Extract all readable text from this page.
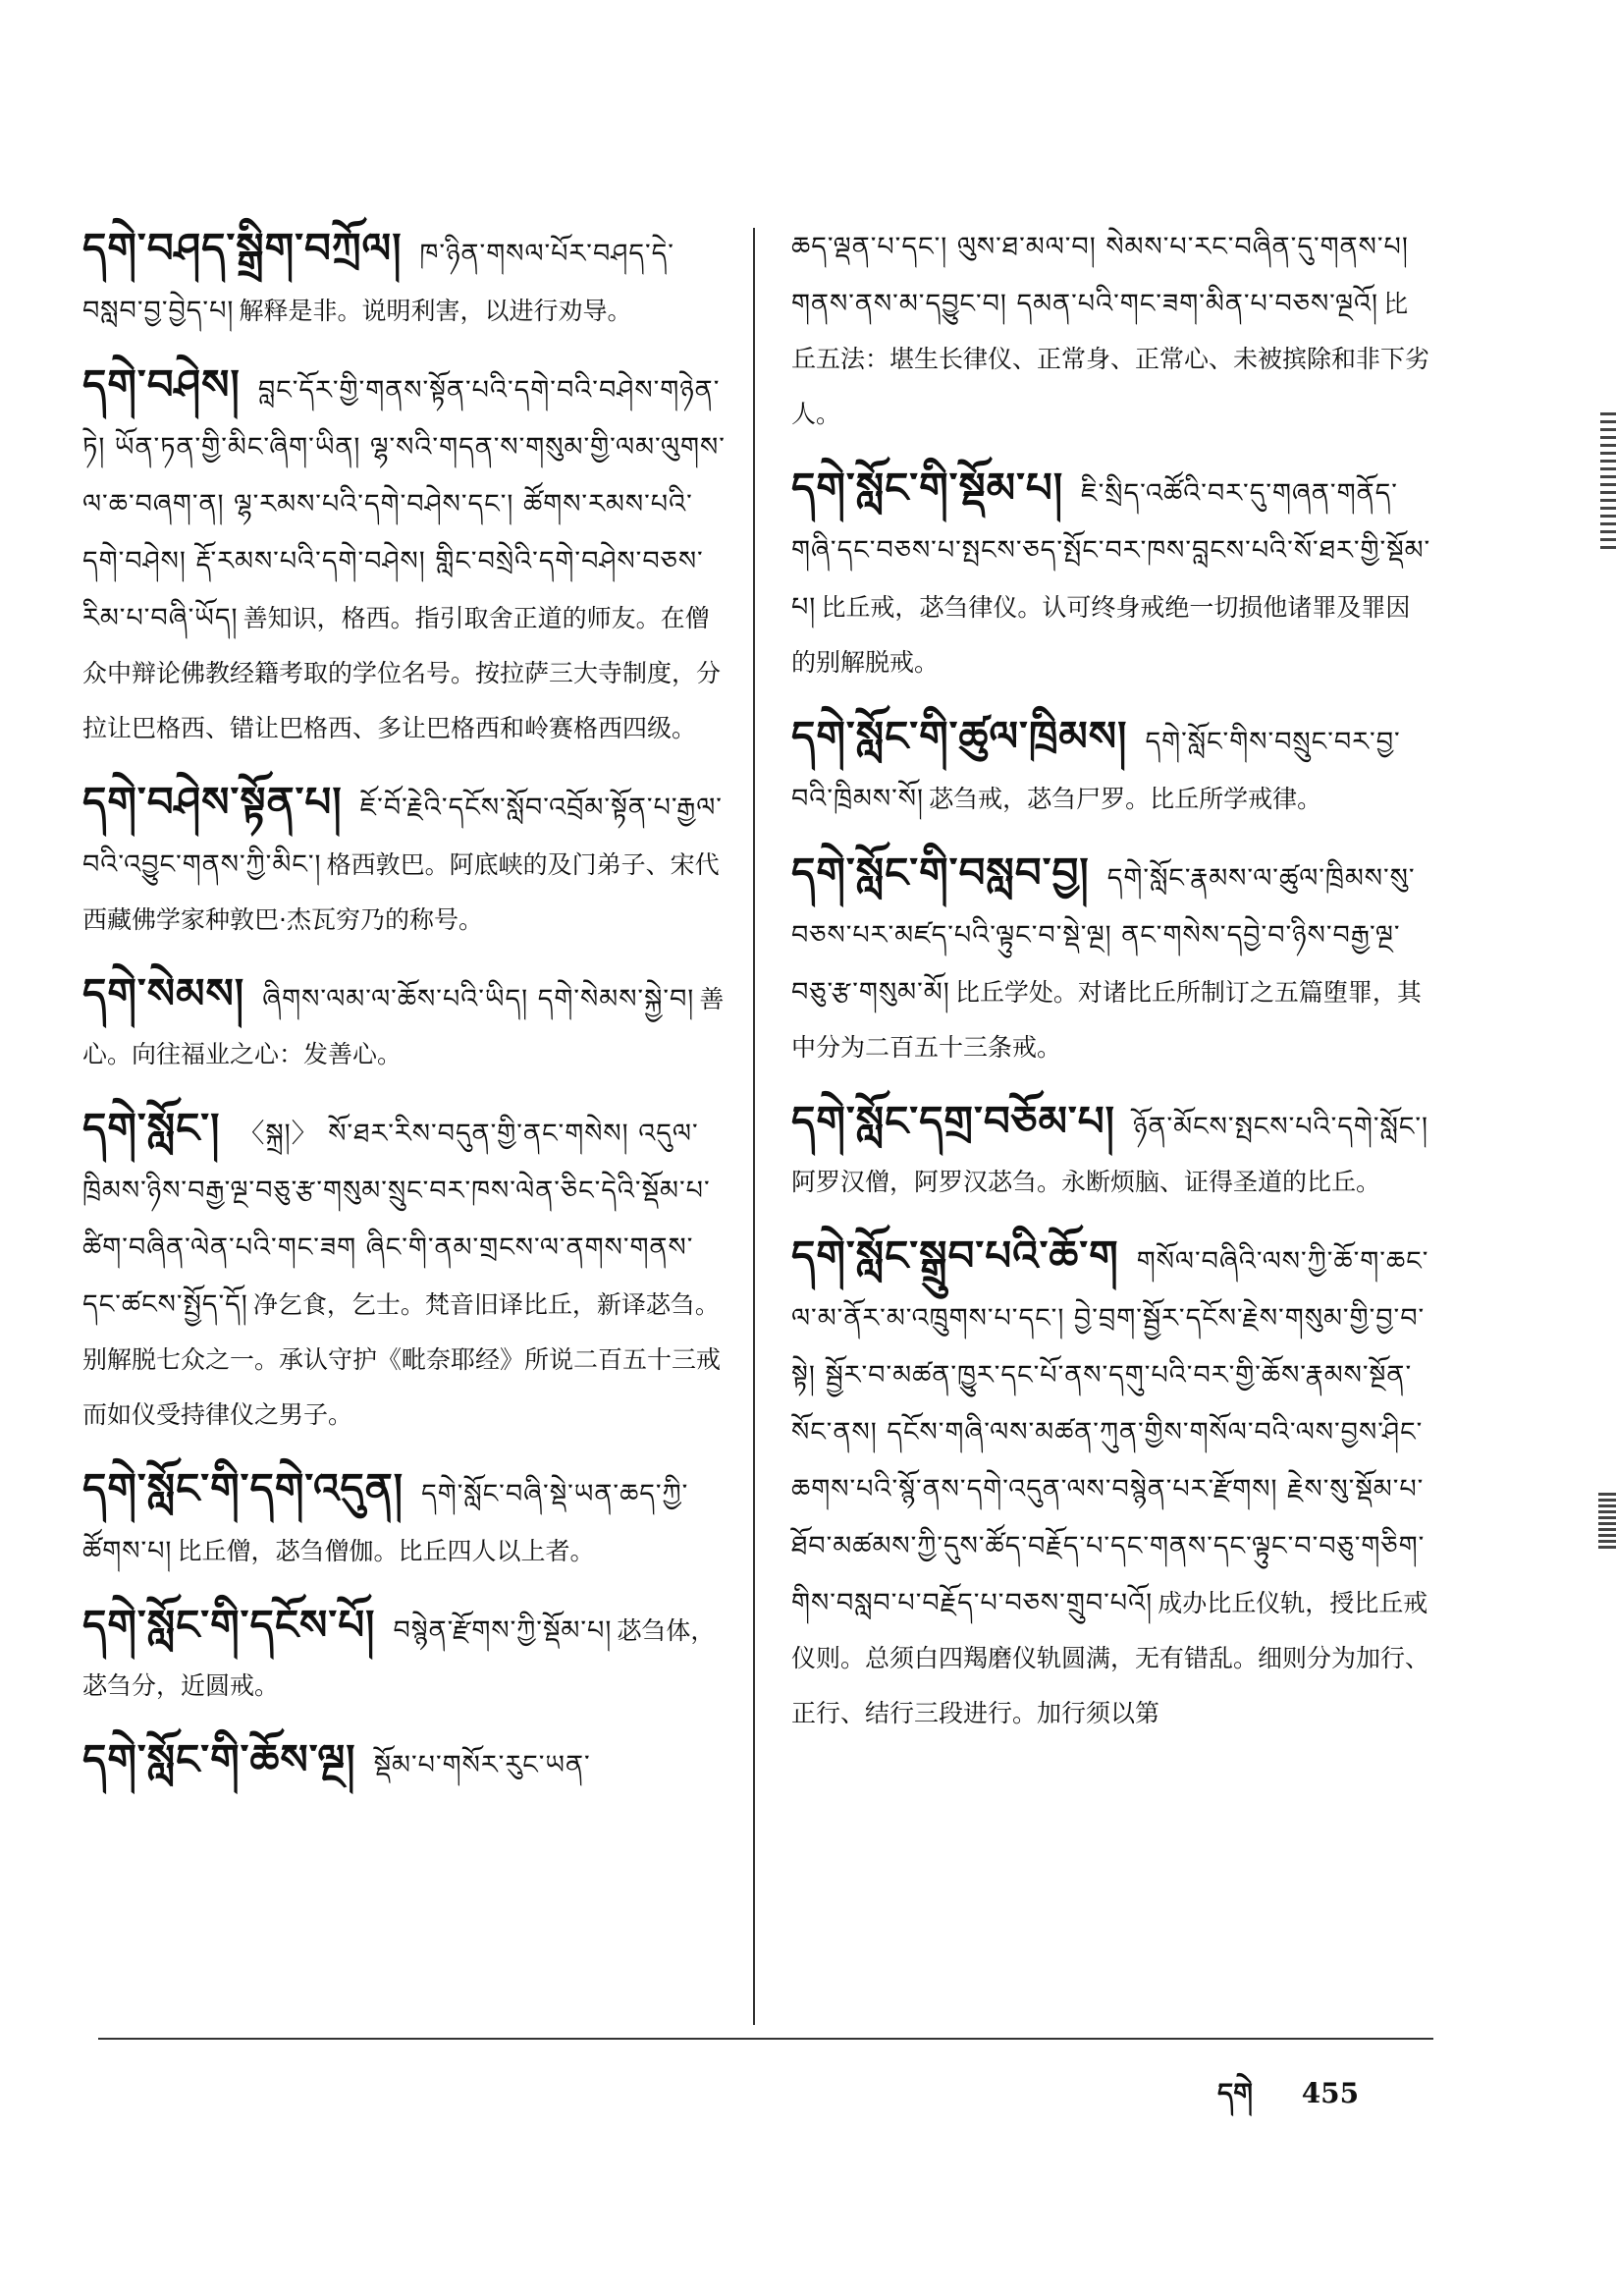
དགེ་བཤད་སྒྲིག་བཀྲོལ། ཁ་ཉིན་གསལ་པོར་བཤད་དེ་བསླབ་བྱ་བྱེད་པ། 解释是非。说明利害，以进行劝导。

དགེ་བཤེས། བླང་དོར་གྱི་གནས་སྟོན་པའི་དགེ་བའི་བཤེས་གཉེན་ཏེ། ཡོན་ཏན་གྱི་མིང་ཞིག་ཡིན། ལྷ་སའི་གདན་ས་གསུམ་གྱི་ལམ་ལུགས་ལ་ཆ་བཞག་ན། ལྷ་རམས་པའི་དགེ་བཤེས་དང་། ཚོགས་རམས་པའི་དགེ་བཤེས། རྡོ་རམས་པའི་དགེ་བཤེས། གླིང་བསྲེའི་དགེ་བཤེས་བཅས་རིམ་པ་བཞི་ཡོད། 善知识，格西。指引取舍正道的师友。在僧众中辩论佛教经籍考取的学位名号。按拉萨三大寺制度，分拉让巴格西、错让巴格西、多让巴格西和岭赛格西四级。

དགེ་བཤེས་སྟོན་པ། ཇོ་བོ་རྗེའི་དངོས་སློབ་འབྲོམ་སྟོན་པ་རྒྱལ་བའི་འབྱུང་གནས་ཀྱི་མིང་། 格西敦巴。阿底峡的及门弟子、宋代西藏佛学家种敦巴·杰瓦穷乃的称号。

དགེ་སེམས། ཞིགས་ལམ་ལ་ཆོས་པའི་ཡིད། དགེ་སེམས་སྐྱེ་བ། 善心。向往福业之心：发善心。

དགེ་སློང་། 〈སྐྲ།〉 སོ་ཐར་རིས་བདུན་གྱི་ནང་གསེས། འདུལ་ཁྲིམས་ཉིས་བརྒྱ་ལྔ་བཅུ་རྩ་གསུམ་སྲུང་བར་ཁས་ལེན་ཅིང་དེའི་སྡོམ་པ་ཚིག་བཞིན་ལེན་པའི་གང་ཟག ཞིང་གི་ནམ་གྲངས་ལ་ནགས་གནས་དང་ཚངས་སྤྱོད་དོ། 净乞食，乞士。梵音旧译比丘，新译苾刍。别解脱七众之一。承认守护《毗奈耶经》所说二百五十三戒而如仪受持律仪之男子。

དགེ་སློང་གི་དགེ་འདུན། དགེ་སློང་བཞི་སྡེ་ཡན་ཆད་ཀྱི་ཚོགས་པ། 比丘僧，苾刍僧伽。比丘四人以上者。

དགེ་སློང་གི་དངོས་པོ། བསྙེན་རྫོགས་ཀྱི་སྡོམ་པ། 苾刍体，苾刍分，近圆戒。

དགེ་སློང་གི་ཆོས་ལྔ། སྡོམ་པ་གསོར་རུང་ཡན་

ཆད་ལྡན་པ་དང་། ལུས་ཐ་མལ་བ། སེམས་པ་རང་བཞིན་དུ་གནས་པ། གནས་ནས་མ་དབྱུང་བ། དམན་པའི་གང་ཟག་མིན་པ་བཅས་ལྔའོ། 比丘五法：堪生长律仪、正常身、正常心、未被摈除和非下劣人。

དགེ་སློང་གི་སྡོམ་པ། ཇི་སྲིད་འཚོའི་བར་དུ་གཞན་གནོད་གཞི་དང་བཅས་པ་སྤངས་ཅད་སྤོང་བར་ཁས་བླངས་པའི་སོ་ཐར་གྱི་སྡོམ་པ། 比丘戒，苾刍律仪。认可终身戒绝一切损他诸罪及罪因的别解脱戒。

དགེ་སློང་གི་ཚུལ་ཁྲིམས། དགེ་སློང་གིས་བསྲུང་བར་བྱ་བའི་ཁྲིམས་སོ། 苾刍戒，苾刍尸罗。比丘所学戒律。

དགེ་སློང་གི་བསླབ་བྱ། དགེ་སློང་རྣམས་ལ་ཚུལ་ཁྲིམས་སུ་བཅས་པར་མཛད་པའི་ལྟུང་བ་སྡེ་ལྔ། ནང་གསེས་དབྱེ་བ་ཉིས་བརྒྱ་ལྔ་བཅུ་རྩ་གསུམ་མོ། 比丘学处。对诸比丘所制订之五篇堕罪，其中分为二百五十三条戒。

དགེ་སློང་དགྲ་བཅོམ་པ། ཉོན་མོངས་སྤངས་པའི་དགེ་སློང་། 阿罗汉僧，阿罗汉苾刍。永断烦脑、证得圣道的比丘。

དགེ་སློང་སྒྲུབ་པའི་ཆོ་ག གསོལ་བཞིའི་ལས་ཀྱི་ཆོ་ག་ཆང་ལ་མ་ནོར་མ་འཁྲུགས་པ་དང་། བྱེ་བྲག་སྦྱོར་དངོས་རྗེས་གསུམ་གྱི་བྱ་བ་སྟེ། སྦྱོར་བ་མཚན་ཁྱུར་དང་པོ་ནས་དགུ་པའི་བར་གྱི་ཆོས་རྣམས་སྔོན་སོང་ནས། དངོས་གཞི་ལས་མཚན་ཀུན་གྱིས་གསོལ་བའི་ལས་བྱས་ཤིང་ཆགས་པའི་སྙོ་ནས་དགེ་འདུན་ལས་བསྙེན་པར་རྫོགས། རྗེས་སུ་སྡོམ་པ་ཐོབ་མཚམས་ཀྱི་དུས་ཚོད་བརྗོད་པ་དང་གནས་དང་ལྟུང་བ་བཅུ་གཅིག་གིས་བསླབ་པ་བརྗོད་པ་བཅས་གྲུབ་པའོ། 成办比丘仪轨，授比丘戒仪则。总须白四羯磨仪轨圆满，无有错乱。细则分为加行、正行、结行三段进行。加行须以第

དགེ 455
